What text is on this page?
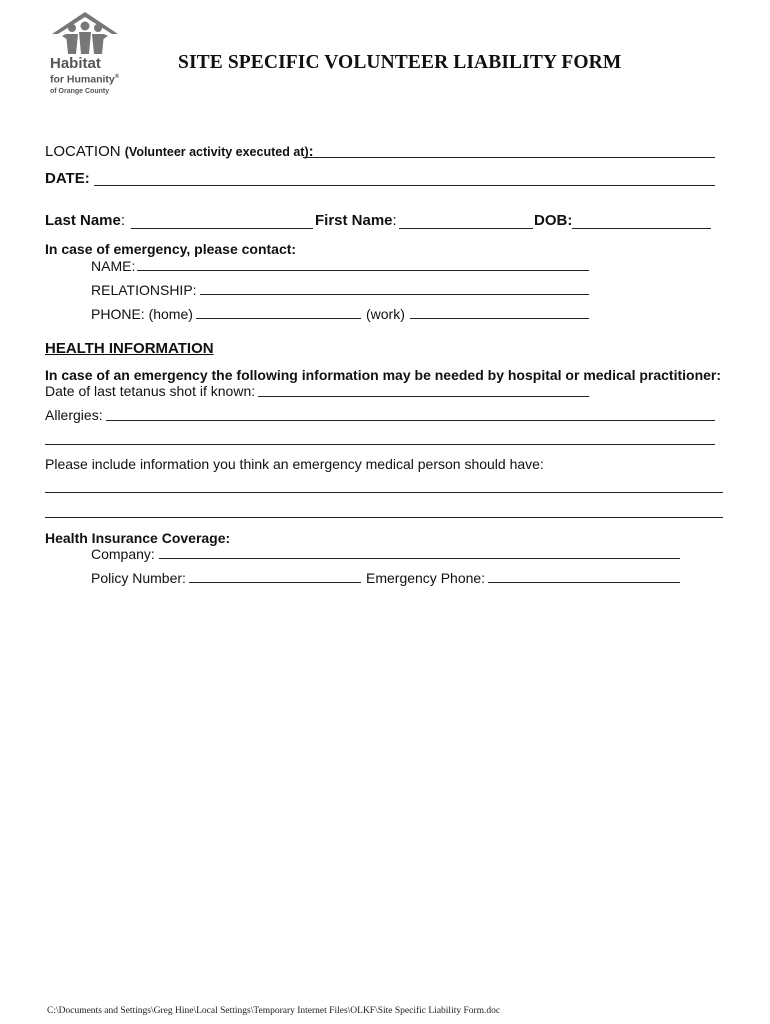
Habitat
for Humanity®
of Orange County
SITE SPECIFIC VOLUNTEER LIABILITY FORM
LOCATION (Volunteer activity executed at):
DATE:
Last Name:	First Name:	DOB:
In case of emergency, please contact:
NAME:
RELATIONSHIP:
PHONE: (home)	(work)
HEALTH INFORMATION
In case of an emergency the following information may be needed by hospital or medical practitioner:
Date of last tetanus shot if known:
Allergies:
Please include information you think an emergency medical person should have:
Health Insurance Coverage:
Company:
Policy Number:	Emergency Phone:
C:\Documents and Settings\Greg Hine\Local Settings\Temporary Internet Files\OLKF\Site Specific Liability Form.doc
